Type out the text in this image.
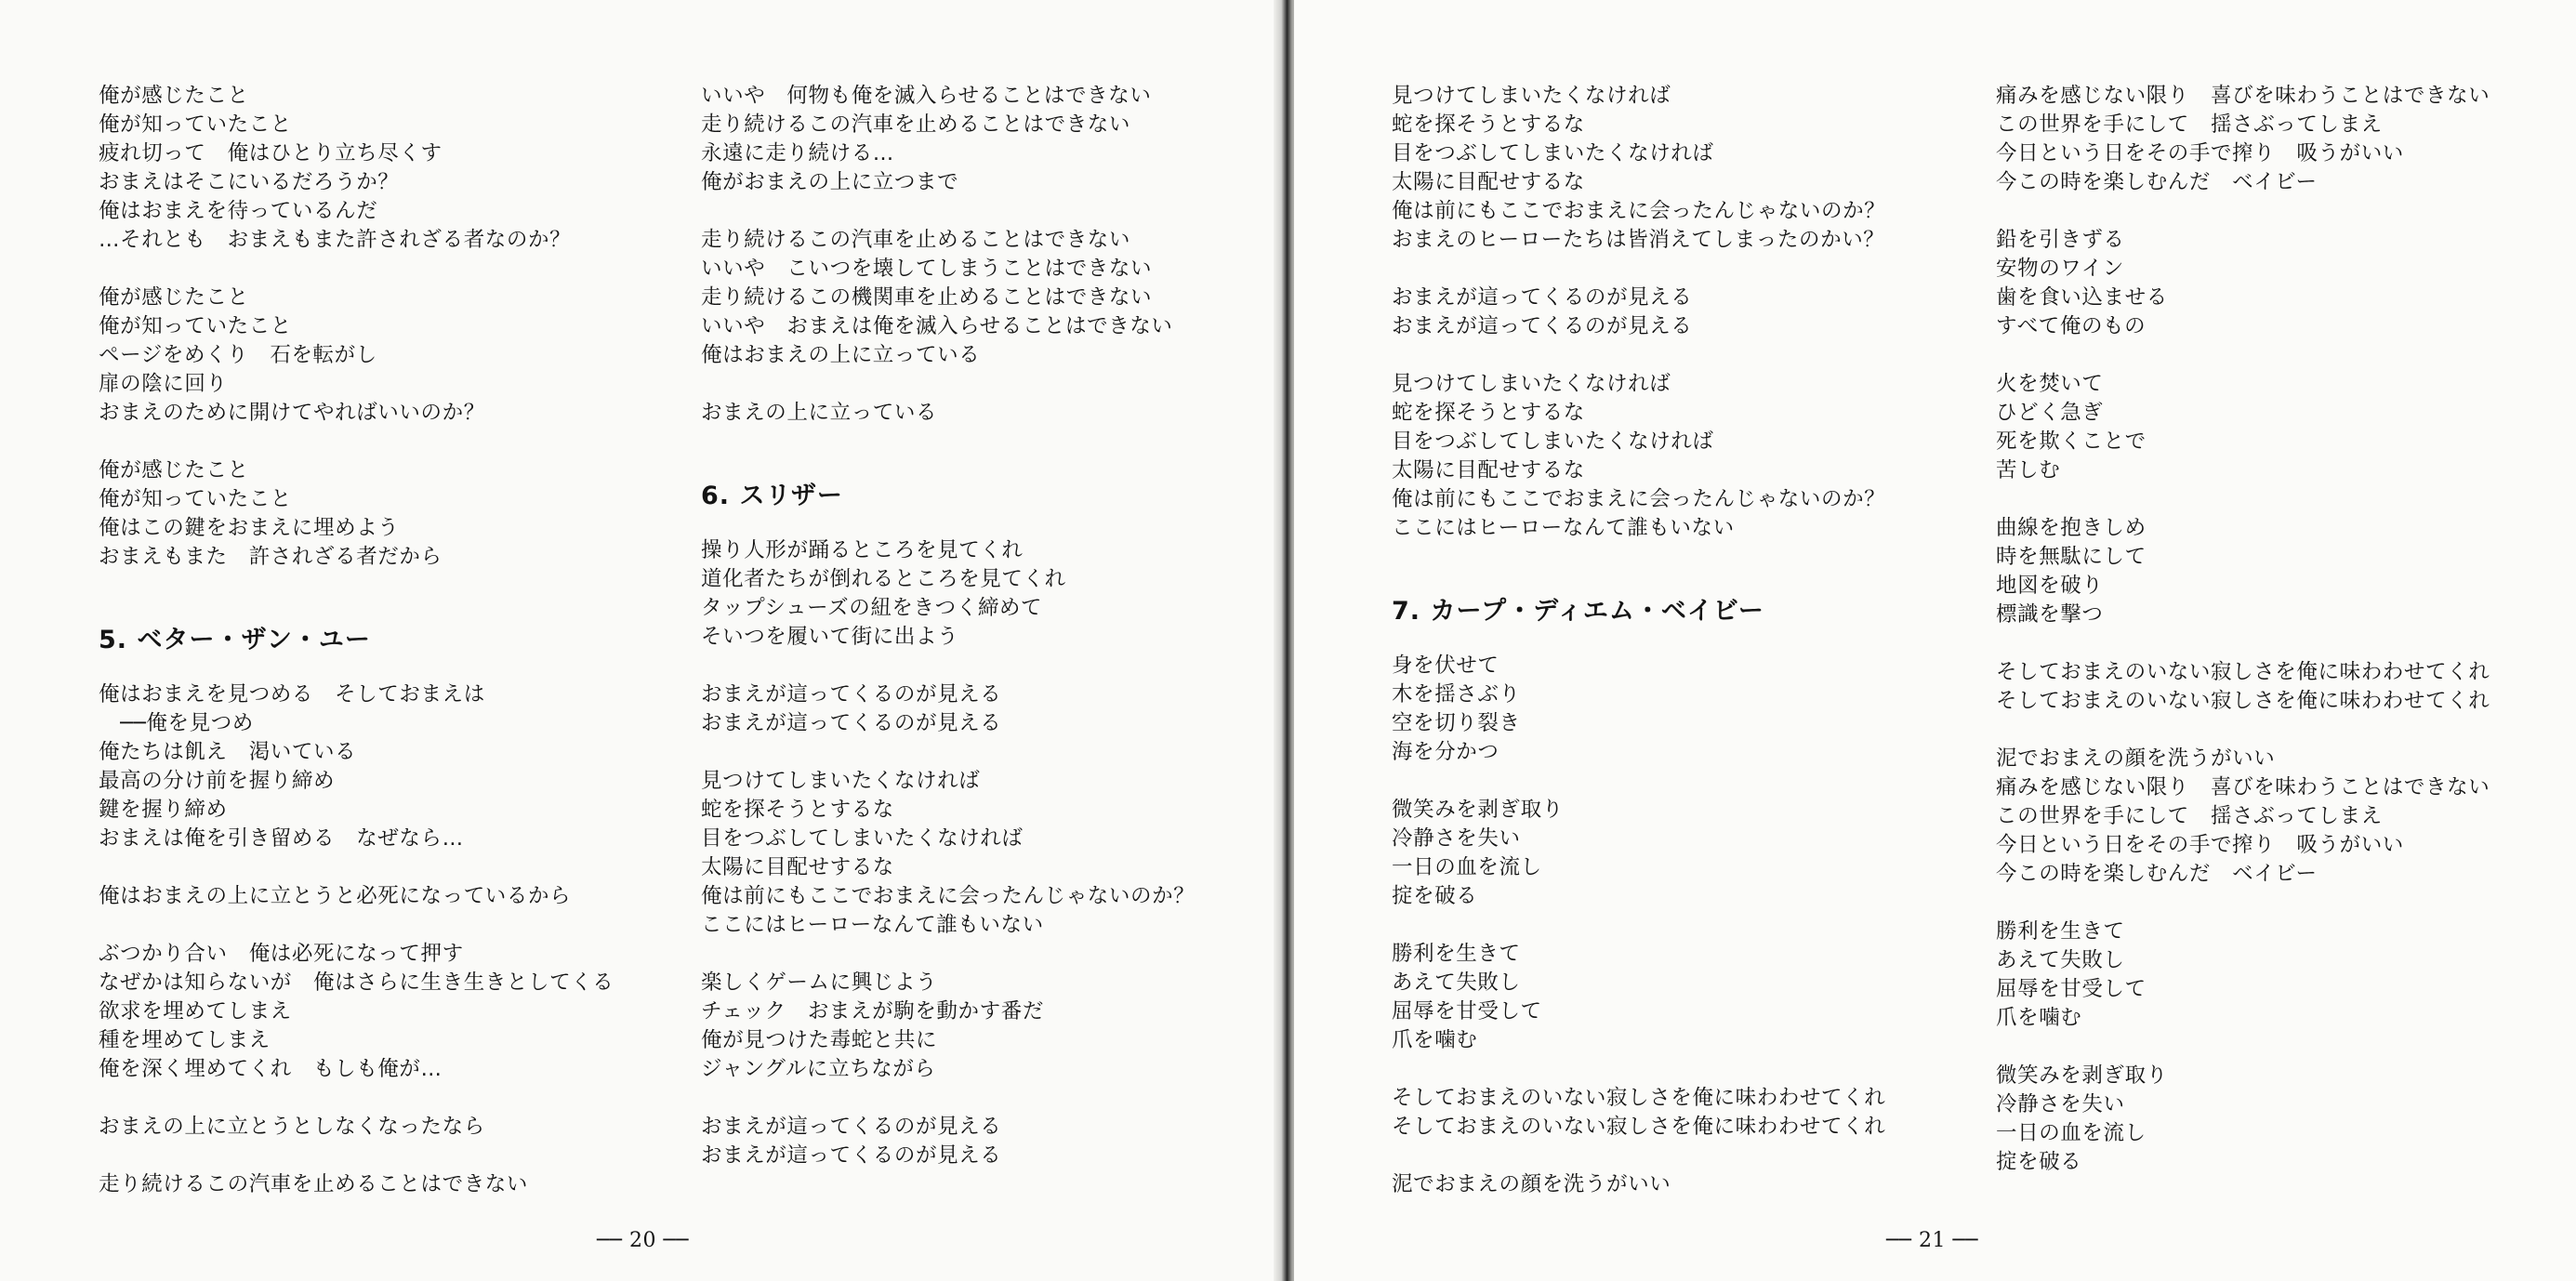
俺が感じたこと
俺が知っていたこと
疲れ切って　俺はひとり立ち尽くす
おまえはそこにいるだろうか？
俺はおまえを待っているんだ
…それとも　おまえもまた許されざる者なのか？
俺が感じたこと
俺が知っていたこと
ページをめくり　石を転がし
扉の陰に回り
おまえのために開けてやればいいのか？
俺が感じたこと
俺が知っていたこと
俺はこの鍵をおまえに埋めよう
おまえもまた　許されざる者だから
5. ベター・ザン・ユー
俺はおまえを見つめる　そしておまえは
　──俺を見つめ
俺たちは飢え　渇いている
最高の分け前を握り締め
鍵を握り締め
おまえは俺を引き留める　なぜなら…
俺はおまえの上に立とうと必死になっているから
ぶつかり合い　俺は必死になって押す
なぜかは知らないが　俺はさらに生き生きとしてくる
欲求を埋めてしまえ
種を埋めてしまえ
俺を深く埋めてくれ　もしも俺が…
おまえの上に立とうとしなくなったなら
走り続けるこの汽車を止めることはできない
いいや　何物も俺を滅入らせることはできない
走り続けるこの汽車を止めることはできない
永遠に走り続ける…
俺がおまえの上に立つまで
走り続けるこの汽車を止めることはできない
いいや　こいつを壊してしまうことはできない
走り続けるこの機関車を止めることはできない
いいや　おまえは俺を滅入らせることはできない
俺はおまえの上に立っている
おまえの上に立っている
6. スリザー
操り人形が踊るところを見てくれ
道化者たちが倒れるところを見てくれ
タップシューズの紐をきつく締めて
そいつを履いて街に出よう
おまえが這ってくるのが見える
おまえが這ってくるのが見える
見つけてしまいたくなければ
蛇を探そうとするな
目をつぶしてしまいたくなければ
太陽に目配せするな
俺は前にもここでおまえに会ったんじゃないのか？
ここにはヒーローなんて誰もいない
楽しくゲームに興じよう
チェック　おまえが駒を動かす番だ
俺が見つけた毒蛇と共に
ジャングルに立ちながら
おまえが這ってくるのが見える
おまえが這ってくるのが見える
── 20 ──
見つけてしまいたくなければ
蛇を探そうとするな
目をつぶしてしまいたくなければ
太陽に目配せするな
俺は前にもここでおまえに会ったんじゃないのか？
おまえのヒーローたちは皆消えてしまったのかい？
おまえが這ってくるのが見える
おまえが這ってくるのが見える
見つけてしまいたくなければ
蛇を探そうとするな
目をつぶしてしまいたくなければ
太陽に目配せするな
俺は前にもここでおまえに会ったんじゃないのか？
ここにはヒーローなんて誰もいない
7. カープ・ディエム・ベイビー
身を伏せて
木を揺さぶり
空を切り裂き
海を分かつ
微笑みを剥ぎ取り
冷静さを失い
一日の血を流し
掟を破る
勝利を生きて
あえて失敗し
屈辱を甘受して
爪を噛む
そしておまえのいない寂しさを俺に味わわせてくれ
そしておまえのいない寂しさを俺に味わわせてくれ
泥でおまえの顔を洗うがいい
痛みを感じない限り　喜びを味わうことはできない
この世界を手にして　揺さぶってしまえ
今日という日をその手で搾り　吸うがいい
今この時を楽しむんだ　ベイビー
鉛を引きずる
安物のワイン
歯を食い込ませる
すべて俺のもの
火を焚いて
ひどく急ぎ
死を欺くことで
苦しむ
曲線を抱きしめ
時を無駄にして
地図を破り
標識を撃つ
そしておまえのいない寂しさを俺に味わわせてくれ
そしておまえのいない寂しさを俺に味わわせてくれ
泥でおまえの顔を洗うがいい
痛みを感じない限り　喜びを味わうことはできない
この世界を手にして　揺さぶってしまえ
今日という日をその手で搾り　吸うがいい
今この時を楽しむんだ　ベイビー
勝利を生きて
あえて失敗し
屈辱を甘受して
爪を噛む
微笑みを剥ぎ取り
冷静さを失い
一日の血を流し
掟を破る
── 21 ──
